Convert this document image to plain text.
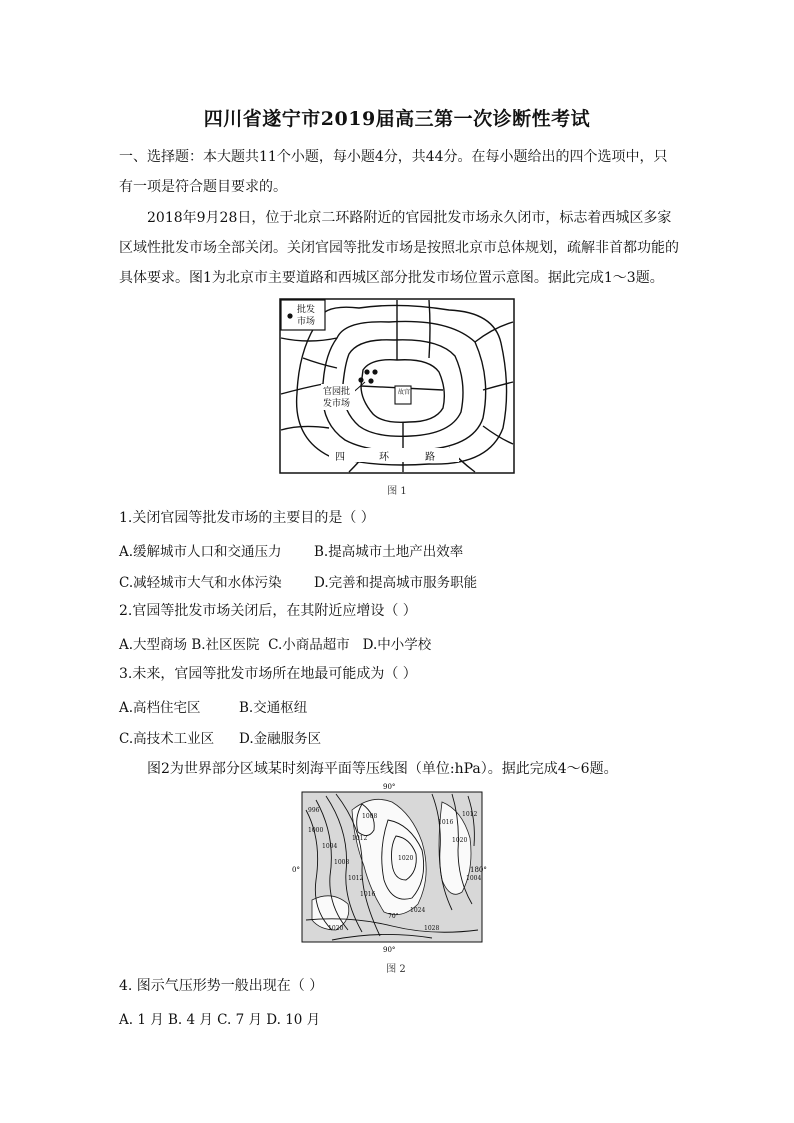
四川省遂宁市2019届高三第一次诊断性考试
一、选择题：本大题共11个小题，每小题4分，共44分。在每小题给出的四个选项中，只有一项是符合题目要求的。
2018年9月28日，位于北京二环路附近的官园批发市场永久闭市，标志着西城区多家区域性批发市场全部关闭。关闭官园等批发市场是按照北京市总体规划，疏解非首都功能的具体要求。图1为北京市主要道路和西城区部分批发市场位置示意图。据此完成1～3题。
批发
市场
官园批
发市场
故 宫
四	环	路
图 1
1.关闭官园等批发市场的主要目的是（ ）
A.缓解城市人口和交通压力 B.提高城市土地产出效率
C.减轻城市大气和水体污染 D.完善和提高城市服务职能
2.官园等批发市场关闭后，在其附近应增设（ ）
A.大型商场 B.社区医院  C.小商品超市   D.中小学校
3.未来，官园等批发市场所在地最可能成为（ ）
A.高档住宅区	B.交通枢纽
C.高技术工业区 D.金融服务区
图2为世界部分区域某时刻海平面等压线图（单位:hPa）。据此完成4～6题。
90°
1000
1004
1008
1012
1016
1020
1024
1028
1008
1012
1016
1020
1020
996
1012
1004
0°	180°
70°
90°
图 2
4. 图示气压形势一般出现在（ ）
A. 1 月 B. 4 月 C. 7 月 D. 10 月
